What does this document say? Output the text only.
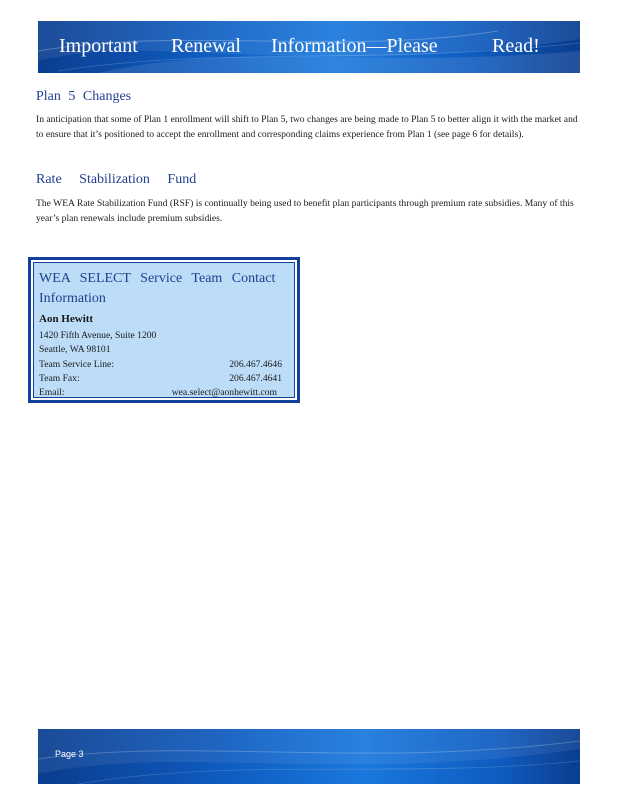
Important Renewal Information—Please	Read!
Plan 5 Changes
In anticipation that some of Plan 1 enrollment will shift to Plan 5, two changes are being made to Plan 5 to better align it with the market and to ensure that it’s positioned to accept the enrollment and corresponding claims experience from Plan 1 (see page 6 for details).
Rate Stabilization Fund
The WEA Rate Stabilization Fund (RSF) is continually being used to benefit plan participants through premium rate subsidies. Many of this year’s plan renewals include premium subsidies.
WEA SELECT Service Team Contact Information
Aon Hewitt
1420 Fifth Avenue, Suite 1200
Seattle, WA 98101
Team Service Line:	206.467.4646
Team Fax:	206.467.4641
Email:	wea.select@aonhewitt.com
Page 3
